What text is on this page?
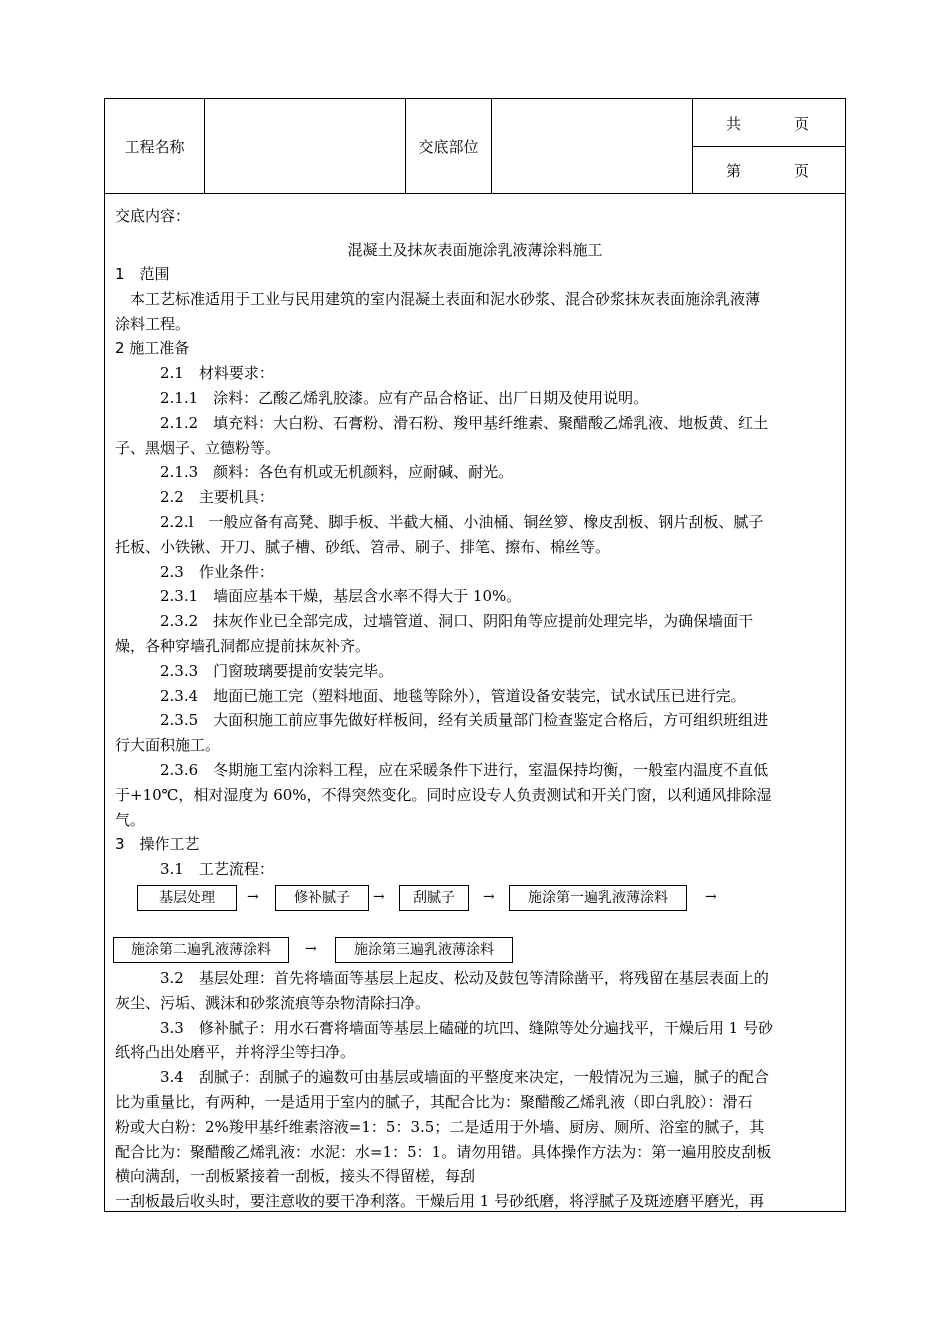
工程名称	交底部位
共	页
第	页
交底内容：
混凝土及抹灰表面施涂乳液薄涂料施工
1　范围
　本工艺标准适用于工业与民用建筑的室内混凝土表面和泥水砂浆、混合砂浆抹灰表面施涂乳液薄
涂料工程。
2 施工准备
　　　2.1　材料要求：
　　　2.1.1　涂料：乙酸乙烯乳胶漆。应有产品合格证、出厂日期及使用说明。
　　　2.1.2　填充料：大白粉、石膏粉、滑石粉、羧甲基纤维素、聚醋酸乙烯乳液、地板黄、红土
子、黑烟子、立德粉等。
　　　2.1.3　颜料：各色有机或无机颜料，应耐碱、耐光。
　　　2.2　主要机具：
　　　2.2.l　一般应备有高凳、脚手板、半截大桶、小油桶、铜丝箩、橡皮刮板、钢片刮板、腻子
托板、小铁锹、开刀、腻子槽、砂纸、笤帚、刷子、排笔、擦布、棉丝等。
　　　2.3　作业条件：
　　　2.3.1　墙面应基本干燥，基层含水率不得大于 10%。
　　　2.3.2　抹灰作业已全部完成，过墙管道、洞口、阴阳角等应提前处理完毕，为确保墙面干
燥，各种穿墙孔洞都应提前抹灰补齐。
　　　2.3.3　门窗玻璃要提前安装完毕。
　　　2.3.4　地面已施工完（塑料地面、地毯等除外），管道设备安装完，试水试压已进行完。
　　　2.3.5　大面积施工前应事先做好样板间，经有关质量部门检查鉴定合格后，方可组织班组进
行大面积施工。
　　　2.3.6　冬期施工室内涂料工程，应在采暖条件下进行，室温保持均衡，一般室内温度不直低
于+10℃，相对湿度为 60%，不得突然变化。同时应设专人负责测试和开关门窗，以利通风排除湿
气。
3　操作工艺
　　　3.1　工艺流程：
基层处理	→	修补腻子	→	刮腻子	→	施涂第一遍乳液薄涂料	→
施涂第二遍乳液薄涂料	→	施涂第三遍乳液薄涂料
　　　3.2　基层处理：首先将墙面等基层上起皮、松动及鼓包等清除凿平，将残留在基层表面上的
灰尘、污垢、溅沫和砂浆流痕等杂物清除扫净。
　　　3.3　修补腻子：用水石膏将墙面等基层上磕碰的坑凹、缝隙等处分遍找平，干燥后用 1 号砂
纸将凸出处磨平，并将浮尘等扫净。
　　　3.4　刮腻子：刮腻子的遍数可由基层或墙面的平整度来决定，一般情况为三遍，腻子的配合
比为重量比，有两种，一是适用于室内的腻子，其配合比为：聚醋酸乙烯乳液（即白乳胶）：滑石
粉或大白粉：2%羧甲基纤维素溶液=1：5：3.5；二是适用于外墙、厨房、厕所、浴室的腻子，其
配合比为：聚醋酸乙烯乳液：水泥：水=1：5：1。请勿用错。具体操作方法为：第一遍用胶皮刮板
横向满刮，一刮板紧接着一刮板，接头不得留槎，每刮
一刮板最后收头时，要注意收的要干净利落。干燥后用 1 号砂纸磨，将浮腻子及斑迹磨平磨光，再
